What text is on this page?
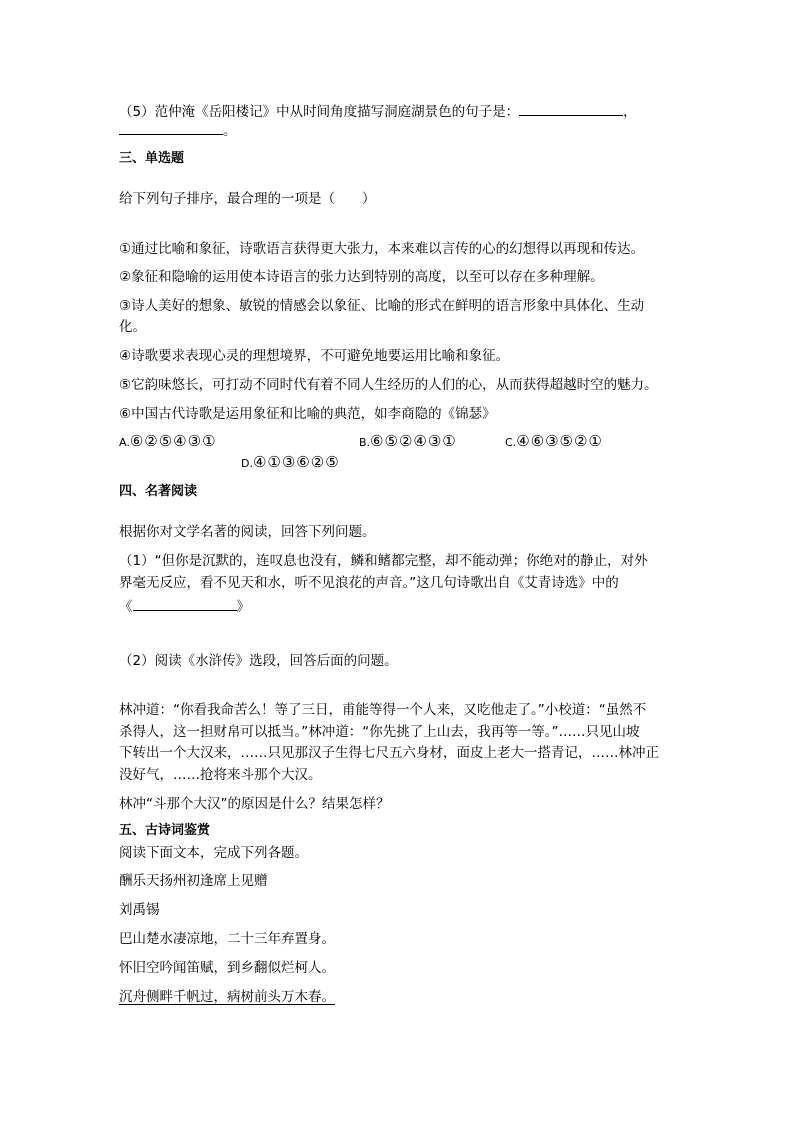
（5）范仲淹《岳阳楼记》中从时间角度描写洞庭湖景色的句子是：	，
。
三、单选题
给下列句子排序，最合理的一项是（　　）
①通过比喻和象征，诗歌语言获得更大张力，本来难以言传的心的幻想得以再现和传达。
②象征和隐喻的运用使本诗语言的张力达到特别的高度，以至可以存在多种理解。
③诗人美好的想象、敏锐的情感会以象征、比喻的形式在鲜明的语言形象中具体化、生动
化。
④诗歌要求表现心灵的理想境界，不可避免地要运用比喻和象征。
⑤它韵味悠长，可打动不同时代有着不同人生经历的人们的心，从而获得超越时空的魅力。
⑥中国古代诗歌是运用象征和比喻的典范，如李商隐的《锦瑟》
A.⑥②⑤④③①	B.⑥⑤②④③①	C.④⑥③⑤②①
D.④①③⑥②⑤
四、名著阅读
根据你对文学名著的阅读，回答下列问题。
（1）“但你是沉默的，连叹息也没有，鳞和鳍都完整，却不能动弹；你绝对的静止，对外
界毫无反应，看不见天和水，听不见浪花的声音。”这几句诗歌出自《艾青诗选》中的
《	》
（2）阅读《水浒传》选段，回答后面的问题。
林冲道：“你看我命苦么！等了三日，甫能等得一个人来，又吃他走了。”小校道：“虽然不
杀得人，这一担财帛可以抵当。”林冲道：“你先挑了上山去，我再等一等。”……只见山坡
下转出一个大汉来，……只见那汉子生得七尺五六身材，面皮上老大一搭青记，……林冲正
没好气，……抢将来斗那个大汉。
林冲“斗那个大汉”的原因是什么？结果怎样？
五、古诗词鉴赏
阅读下面文本，完成下列各题。
酬乐天扬州初逢席上见赠
刘禹锡
巴山楚水凄凉地，二十三年弃置身。
怀旧空吟闻笛赋，到乡翻似烂柯人。
沉舟侧畔千帆过，病树前头万木春。
